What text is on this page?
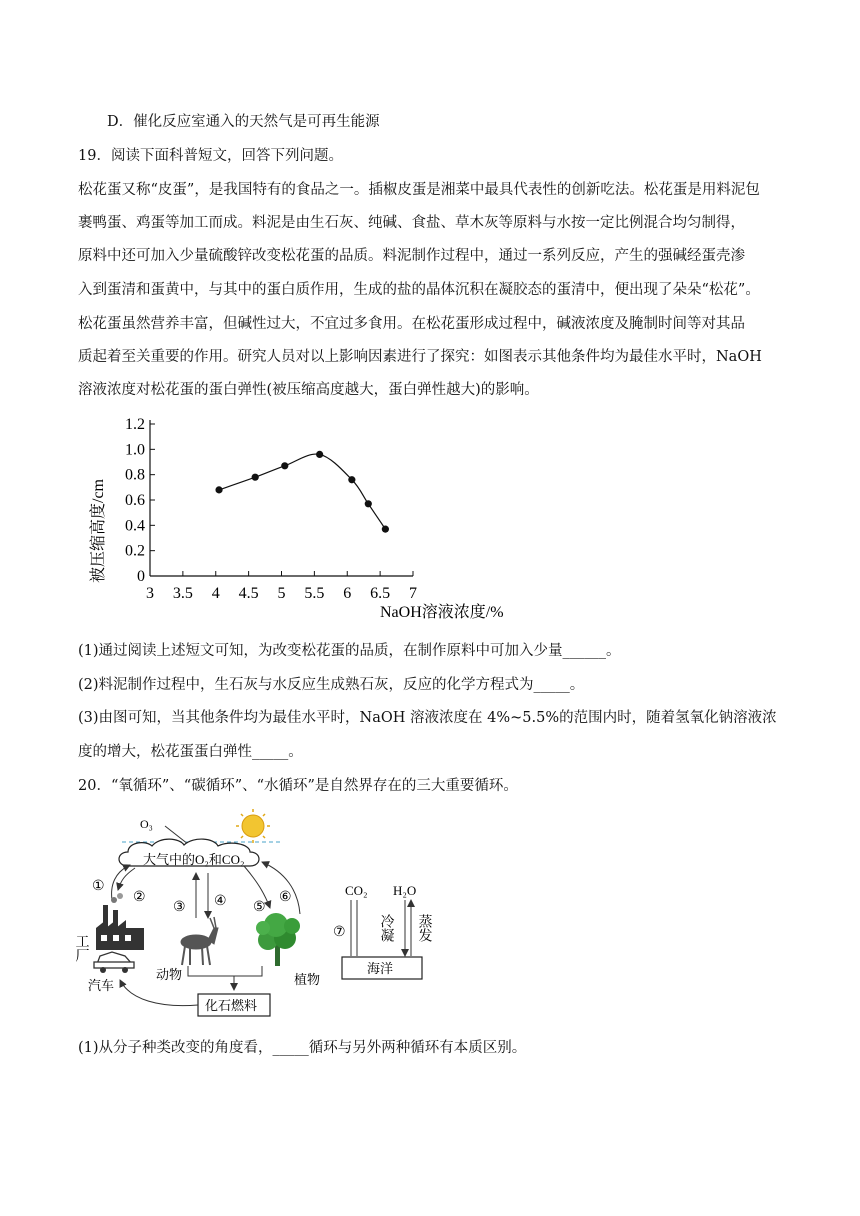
D．催化反应室通入的天然气是可再生能源
19．阅读下面科普短文，回答下列问题。
松花蛋又称“皮蛋”，是我国特有的食品之一。插椒皮蛋是湘菜中最具代表性的创新吃法。松花蛋是用料泥包
裹鸭蛋、鸡蛋等加工而成。料泥是由生石灰、纯碱、食盐、草木灰等原料与水按一定比例混合均匀制得，
原料中还可加入少量硫酸锌改变松花蛋的品质。料泥制作过程中，通过一系列反应，产生的强碱经蛋壳渗
入到蛋清和蛋黄中，与其中的蛋白质作用，生成的盐的晶体沉积在凝胶态的蛋清中，便出现了朵朵“松花”。
松花蛋虽然营养丰富，但碱性过大，不宜过多食用。在松花蛋形成过程中，碱液浓度及腌制时间等对其品
质起着至关重要的作用。研究人员对以上影响因素进行了探究：如图表示其他条件均为最佳水平时，NaOH
溶液浓度对松花蛋的蛋白弹性(被压缩高度越大，蛋白弹性越大)的影响。
3 3.5 4 4.5 5 5.5 6 6.5 7
0
0.2
0.4
0.6
0.8
1.0
1.2
NaOH溶液浓度/%
被压缩高度/cm
(1)通过阅读上述短文可知，为改变松花蛋的品质，在制作原料中可加入少量______。
(2)料泥制作过程中，生石灰与水反应生成熟石灰，反应的化学方程式为_____。
(3)由图可知，当其他条件均为最佳水平时，NaOH 溶液浓度在 4%~5.5%的范围内时，随着氢氧化钠溶液浓
度的增大，松花蛋蛋白弹性_____。
20．“氧循环”、“碳循环”、“水循环”是自然界存在的三大重要循环。
O₃
大气中的O₂和CO₂
①
②
③ ④ ⑤
⑥
工厂
汽车
动物	植物
化石燃料
CO₂ H₂O
⑦ 冷凝 蒸发
海洋
(1)从分子种类改变的角度看，_____循环与另外两种循环有本质区别。
